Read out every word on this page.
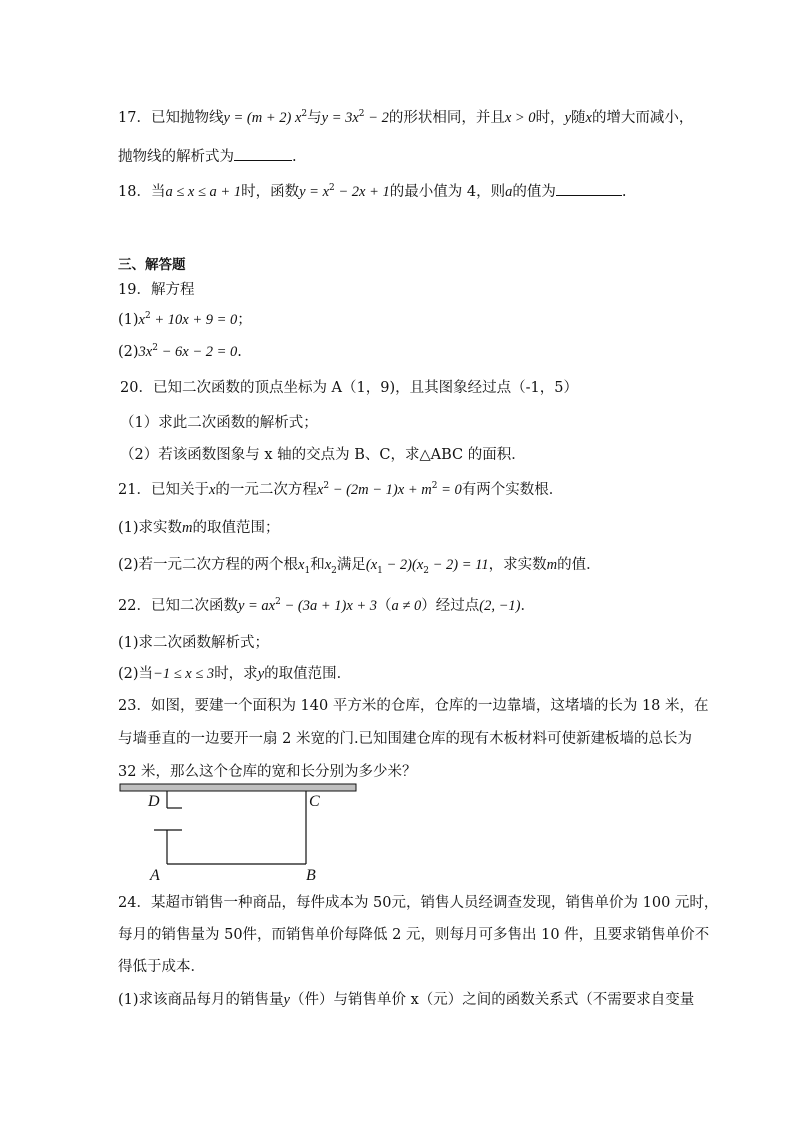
17．已知抛物线y = (m + 2) $x^2$与$y = 3x^2 - 2$的形状相同，并且x > 0时，y随x的增大而减小，
抛物线的解析式为	.
18．当a ≤ x ≤ a + 1时，函数$y = x^2 - 2x + 1$的最小值为 4，则a的值为	.
三、解答题
19．解方程
$(1)x^2 + 10x + 9 = 0$；
$(2)3x^2 - 6x - 2 = 0$.
20．已知二次函数的顶点坐标为 A（1，9)，且其图象经过点（-1，5）
（1）求此二次函数的解析式；
（2）若该函数图象与 x 轴的交点为 B、C，求△ABC 的面积．
21．已知关于x的一元二次方程$x^2 - (2m - 1)x + m^2 = 0$有两个实数根．
(1)求实数m的取值范围；
(2)若一元二次方程的两个根$x_1$和$x_2$满足$(x_1 - 2)(x_2 - 2) = 11$，求实数m的值．
22．已知二次函数$y = ax^2 - (3a + 1)x + 3(a \ne 0)$经过点(2, −1)．
(1)求二次函数解析式；
(2)当−1 ≤ x ≤ 3时，求y的取值范围．
23．如图，要建一个面积为 140 平方米的仓库，仓库的一边靠墙，这堵墙的长为 18 米，在
与墙垂直的一边要开一扇 2 米宽的门.已知围建仓库的现有木板材料可使新建板墙的总长为
32 米，那么这个仓库的宽和长分别为多少米？
D	C
A	B
24．某超市销售一种商品，每件成本为 50元，销售人员经调查发现，销售单价为 100 元时，
每月的销售量为 50件，而销售单价每降低 2 元，则每月可多售出 10 件，且要求销售单价不
得低于成本．
(1)求该商品每月的销售量y（件）与销售单价 x（元）之间的函数关系式（不需要求自变量
